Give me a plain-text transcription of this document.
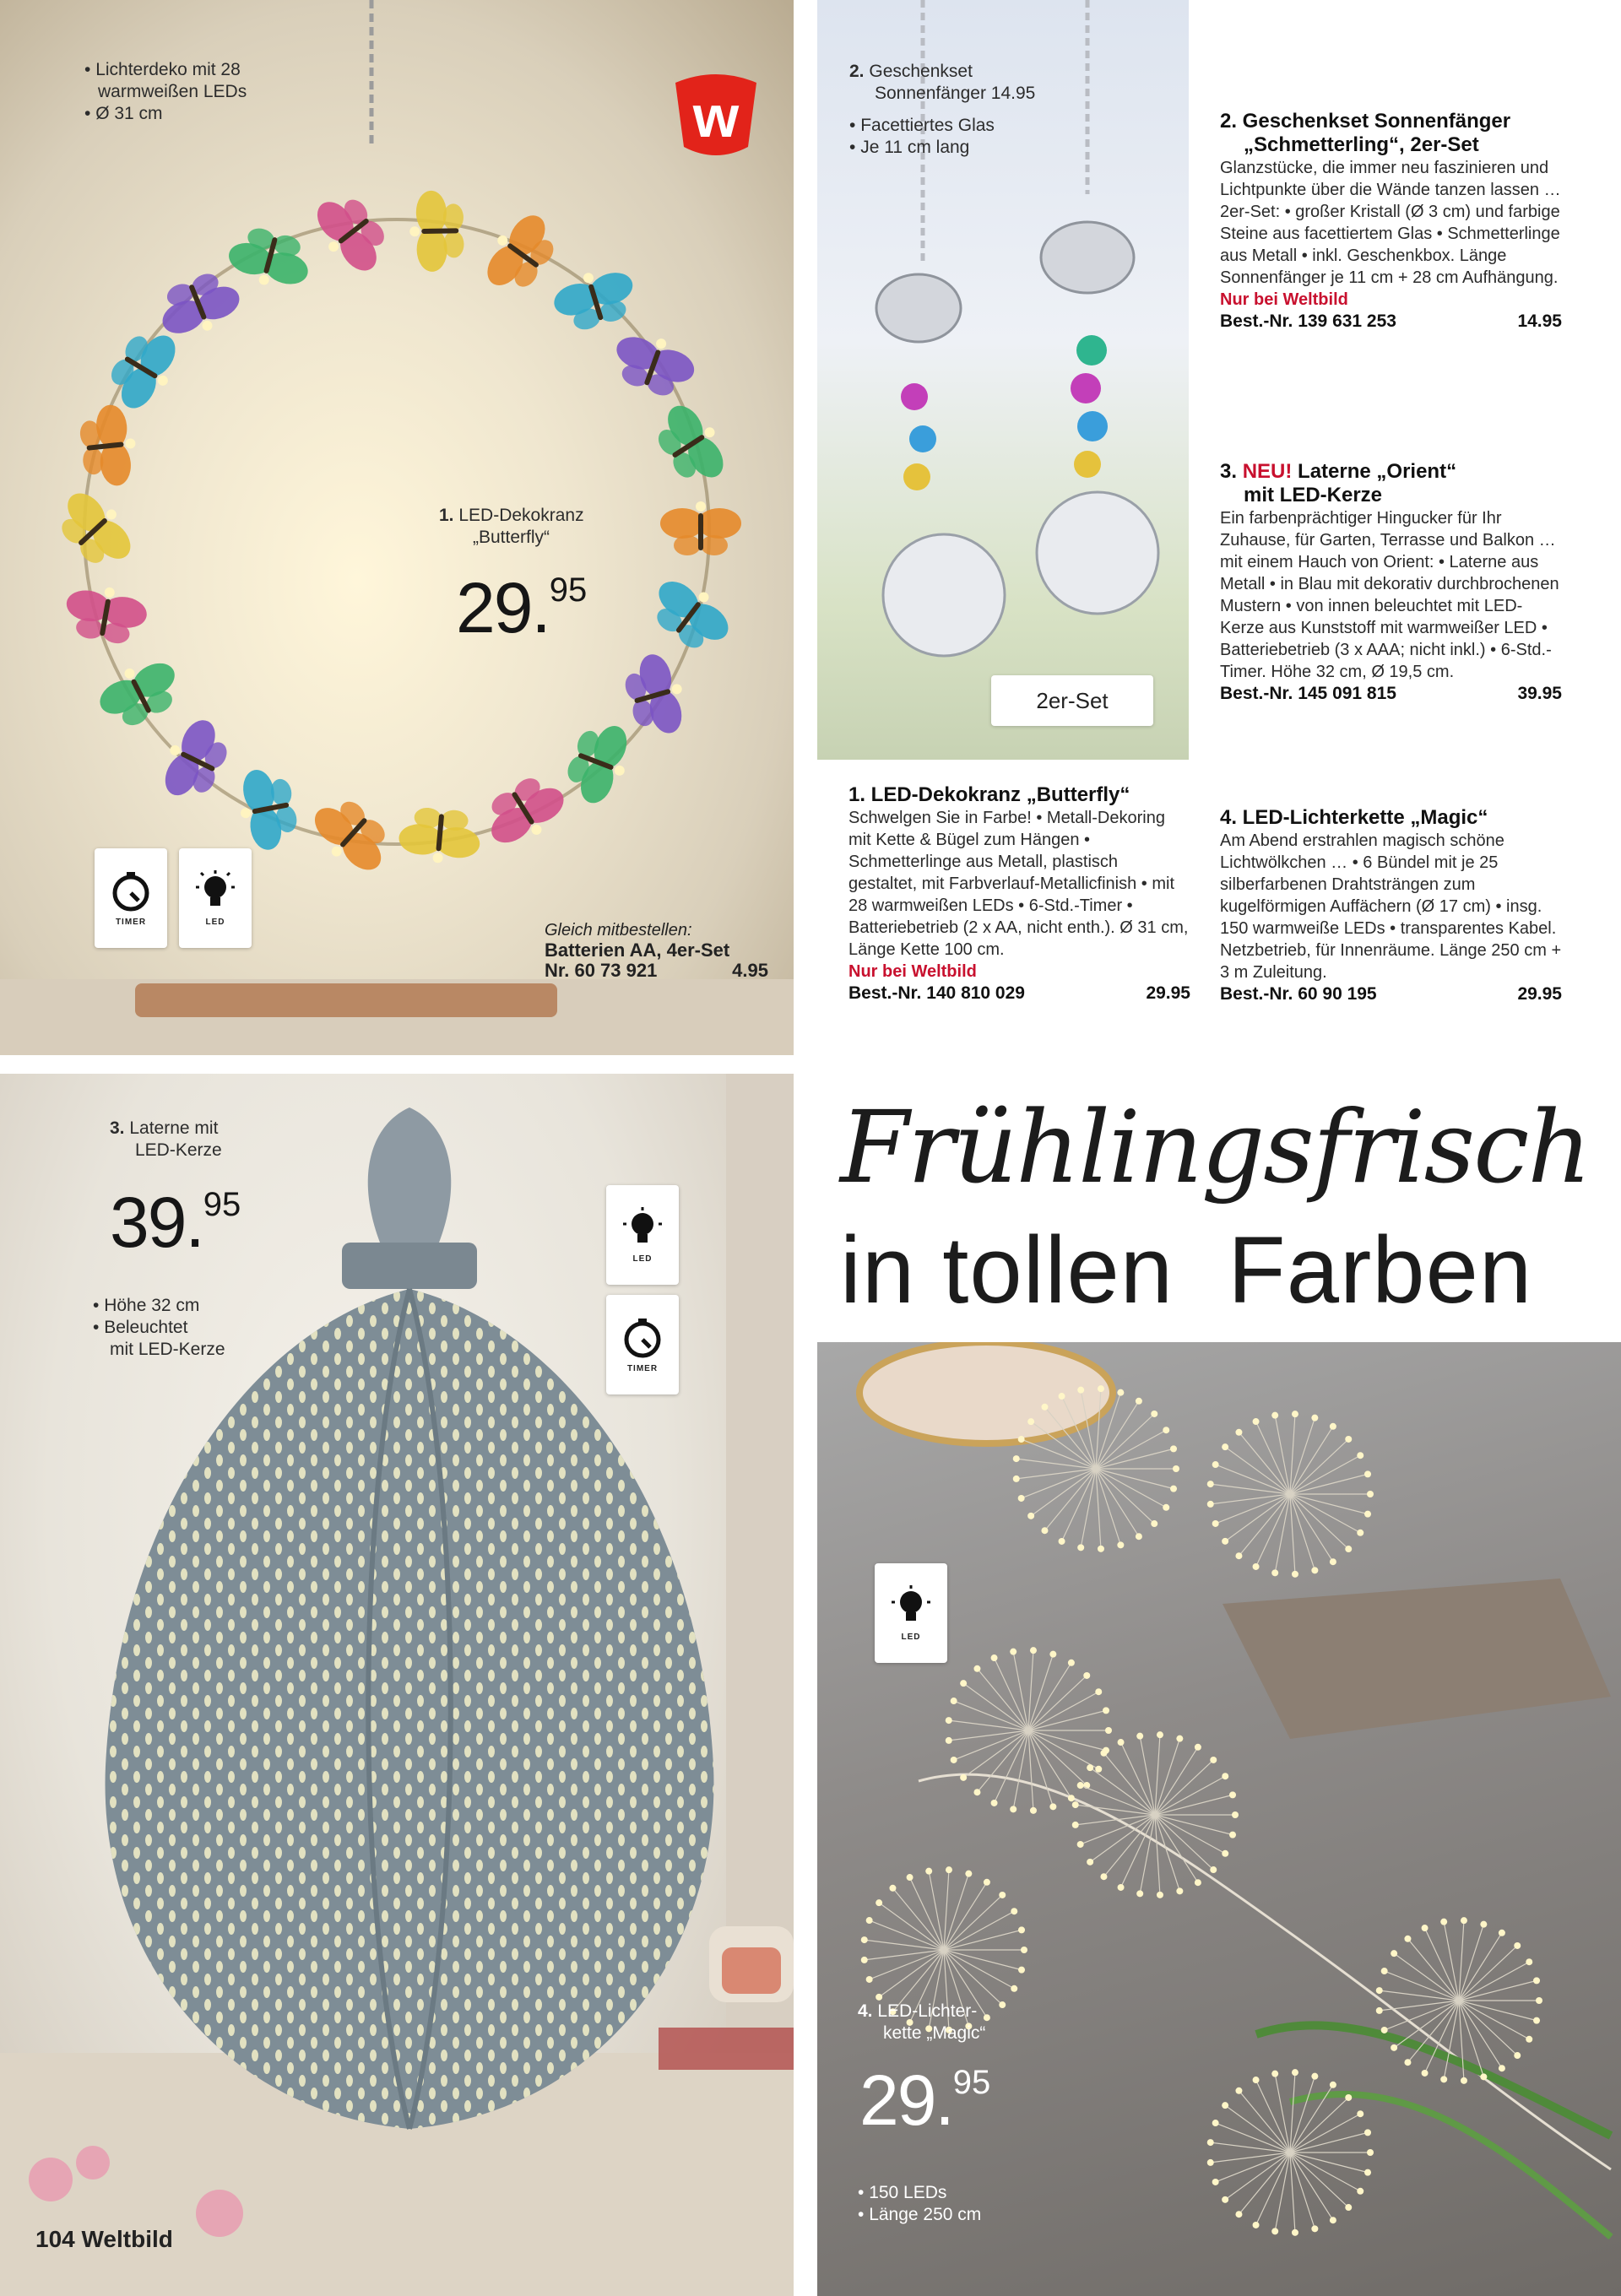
w
• Lichterdeko mit 28
warmweißen LEDs
• Ø 31 cm
1. LED-Dekokranz
„Butterfly“
29.95
TIMER	LED	Gleich mitbestellen:
Batterien AA, 4er-Set
Nr. 60 73 921	4.95
2. Geschenkset
Sonnenfänger 14.95
• Facettiertes Glas
• Je 11 cm lang
2er-Set
1. LED-Dekokranz „Butterfly“
Schwelgen Sie in Farbe! • Metall-Dekoring mit Kette & Bügel zum Hängen • Schmetterlinge aus Metall, plastisch gestaltet, mit Farbverlauf-Metallicfinish • mit 28 warmweißen LEDs • 6-Std.-Timer • Batteriebetrieb (2 x AA, nicht enth.). Ø 31 cm, Länge Kette 100 cm.
Nur bei Weltbild
Best.-Nr. 140 810 029	29.95
2. Geschenkset Sonnenfänger
„Schmetterling“, 2er-Set
Glanzstücke, die immer neu faszinieren und Lichtpunkte über die Wände tanzen lassen … 2er-Set: • großer Kristall (Ø 3 cm) und farbige Steine aus facettiertem Glas • Schmetterlinge aus Metall • inkl. Geschenkbox. Länge Sonnenfänger je 11 cm + 28 cm Aufhängung.
Nur bei Weltbild
Best.-Nr. 139 631 253	14.95
3. NEU! Laterne „Orient“
mit LED-Kerze
Ein farbenprächtiger Hingucker für Ihr Zuhause, für Garten, Terrasse und Balkon … mit einem Hauch von Orient: • Laterne aus Metall • in Blau mit dekorativ durchbrochenen Mustern • von innen beleuchtet mit LED-Kerze aus Kunststoff mit warmweißer LED • Batteriebetrieb (3 x AAA; nicht inkl.) • 6-Std.-Timer. Höhe 32 cm, Ø 19,5 cm.
Best.-Nr. 145 091 815	39.95
4. LED-Lichterkette „Magic“
Am Abend erstrahlen magisch schöne Lichtwölkchen … • 6 Bündel mit je 25 silberfarbenen Drahtsträngen zum kugelförmigen Auffächern (Ø 17 cm) • insg. 150 warmweiße LEDs • transparentes Kabel. Netzbetrieb, für Innenräume. Länge 250 cm + 3 m Zuleitung.
Best.-Nr. 60 90 195	29.95
3. Laterne mit
LED-Kerze
39.95
• Höhe 32 cm
• Beleuchtet
mit LED-Kerze
LED
TIMER
104 Weltbild
Frühlingsfrisch
in tollen Farben
LED
4. LED-Lichter-
kette „Magic“
29.95
• 150 LEDs
• Länge 250 cm
